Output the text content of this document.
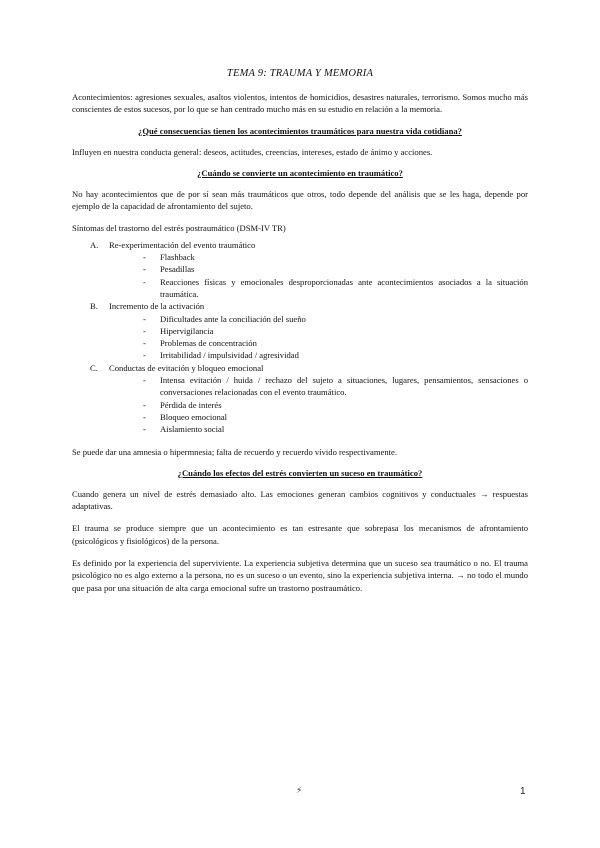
TEMA 9: TRAUMA Y MEMORIA

Acontecimientos: agresiones sexuales, asaltos violentos, intentos de homicidios, desastres naturales, terrorismo. Somos mucho más conscientes de estos sucesos, por lo que se han centrado mucho más en su estudio en relación a la memoria.

¿Qué consecuencias tienen los acontecimientos traumáticos para nuestra vida cotidiana?

Influyen en nuestra conducta general: deseos, actitudes, creencias, intereses, estado de ánimo y acciones.

¿Cuándo se convierte un acontecimiento en traumático?

No hay acontecimientos que de por sí sean más traumáticos que otros, todo depende del análisis que se les haga, depende por ejemplo de la capacidad de afrontamiento del sujeto.

Síntomas del trastorno del estrés postraumático (DSM-IV TR)

A. Re-experimentación del evento traumático
- Flashback
- Pesadillas
- Reacciones físicas y emocionales desproporcionadas ante acontecimientos asociados a la situación traumática.
B. Incremento de la activación
- Dificultades ante la conciliación del sueño
- Hipervigilancia
- Problemas de concentración
- Irritabilidad / impulsividad / agresividad
C. Conductas de evitación y bloqueo emocional
- Intensa evitación / huida / rechazo del sujeto a situaciones, lugares, pensamientos, sensaciones o conversaciones relacionadas con el evento traumático.
- Pérdida de interés
- Bloqueo emocional
- Aislamiento social

Se puede dar una amnesia o hipermnesia; falta de recuerdo y recuerdo vívido respectivamente.

¿Cuándo los efectos del estrés convierten un suceso en traumático?

Cuando genera un nivel de estrés demasiado alto. Las emociones generan cambios cognitivos y conductuales → respuestas adaptativas.

El trauma se produce siempre que un acontecimiento es tan estresante que sobrepasa los mecanismos de afrontamiento (psicológicos y fisiológicos) de la persona.

Es definido por la experiencia del superviviente. La experiencia subjetiva determina que un suceso sea traumático o no. El trauma psicológico no es algo externo a la persona, no es un suceso o un evento, sino la experiencia subjetiva interna. → no todo el mundo que pasa por una situación de alta carga emocional sufre un trastorno postraumático.

⚡	1
